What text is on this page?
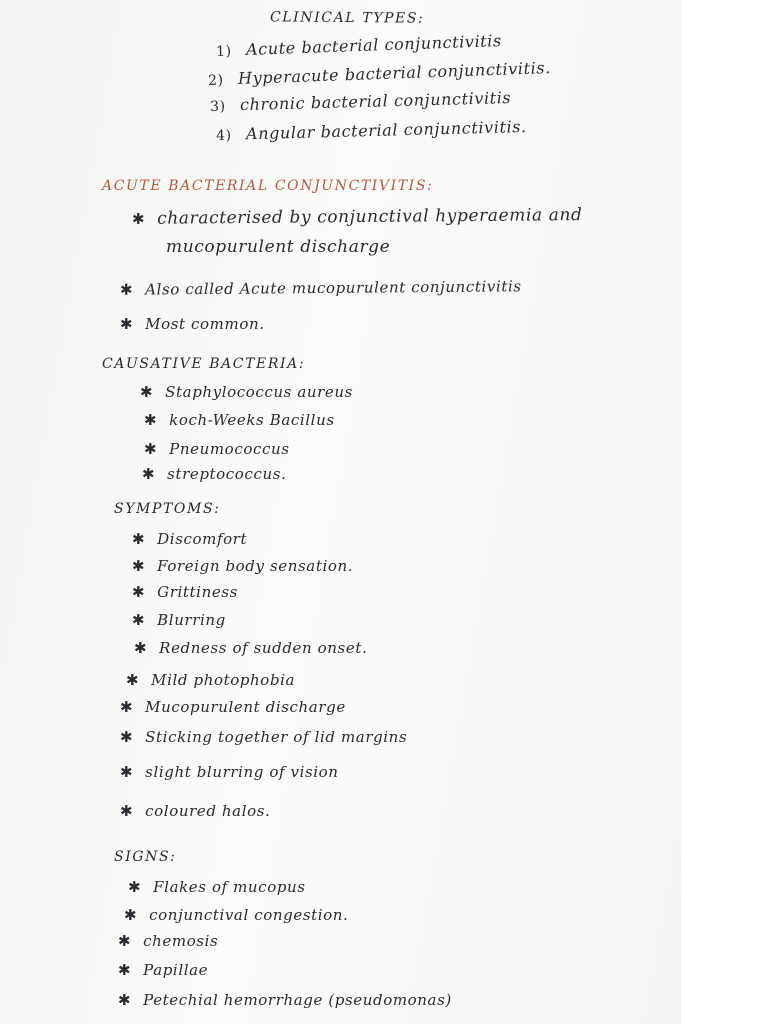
CLINICAL TYPES:
1) Acute bacterial conjunctivitis
2) Hyperacute bacterial conjunctivitis.
3) chronic bacterial conjunctivitis
4) Angular bacterial conjunctivitis.
ACUTE BACTERIAL CONJUNCTIVITIS:
✱ characterised by conjunctival hyperaemia and
mucopurulent discharge
✱ Also called Acute mucopurulent conjunctivitis
✱ Most common.
CAUSATIVE BACTERIA:
✱ Staphylococcus aureus
✱ koch-Weeks Bacillus
✱ Pneumococcus
✱ streptococcus.
SYMPTOMS:
✱ Discomfort
✱ Foreign body sensation.
✱ Grittiness
✱ Blurring
✱ Redness of sudden onset.
✱ Mild photophobia
✱ Mucopurulent discharge
✱ Sticking together of lid margins
✱ slight blurring of vision
✱ coloured halos.
SIGNS:
✱ Flakes of mucopus
✱ conjunctival congestion.
✱ chemosis
✱ Papillae
✱ Petechial hemorrhage (pseudomonas)
